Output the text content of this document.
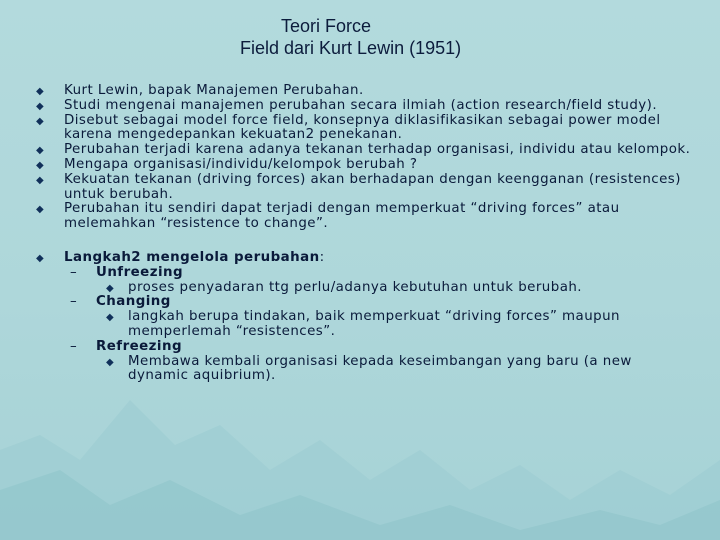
Teori Force
Field dari Kurt Lewin (1951)
◆ Kurt Lewin, bapak Manajemen Perubahan.
◆ Studi mengenai manajemen perubahan secara ilmiah (action research/field study).
◆ Disebut sebagai model force field, konsepnya diklasifikasikan sebagai power model karena mengedepankan kekuatan2 penekanan.
◆ Perubahan terjadi karena adanya tekanan terhadap organisasi, individu atau kelompok.
◆ Mengapa organisasi/individu/kelompok berubah ?
◆ Kekuatan tekanan (driving forces) akan berhadapan dengan keengganan (resistences) untuk berubah.
◆ Perubahan itu sendiri dapat terjadi dengan memperkuat “driving forces” atau melemahkan “resistence to change”.
◆ Langkah2 mengelola perubahan:
– Unfreezing
◆ proses penyadaran ttg perlu/adanya kebutuhan untuk berubah.
– Changing
◆ langkah berupa tindakan, baik memperkuat “driving forces” maupun memperlemah “resistences”.
– Refreezing
◆ Membawa kembali organisasi kepada keseimbangan yang baru (a new dynamic aquibrium).
